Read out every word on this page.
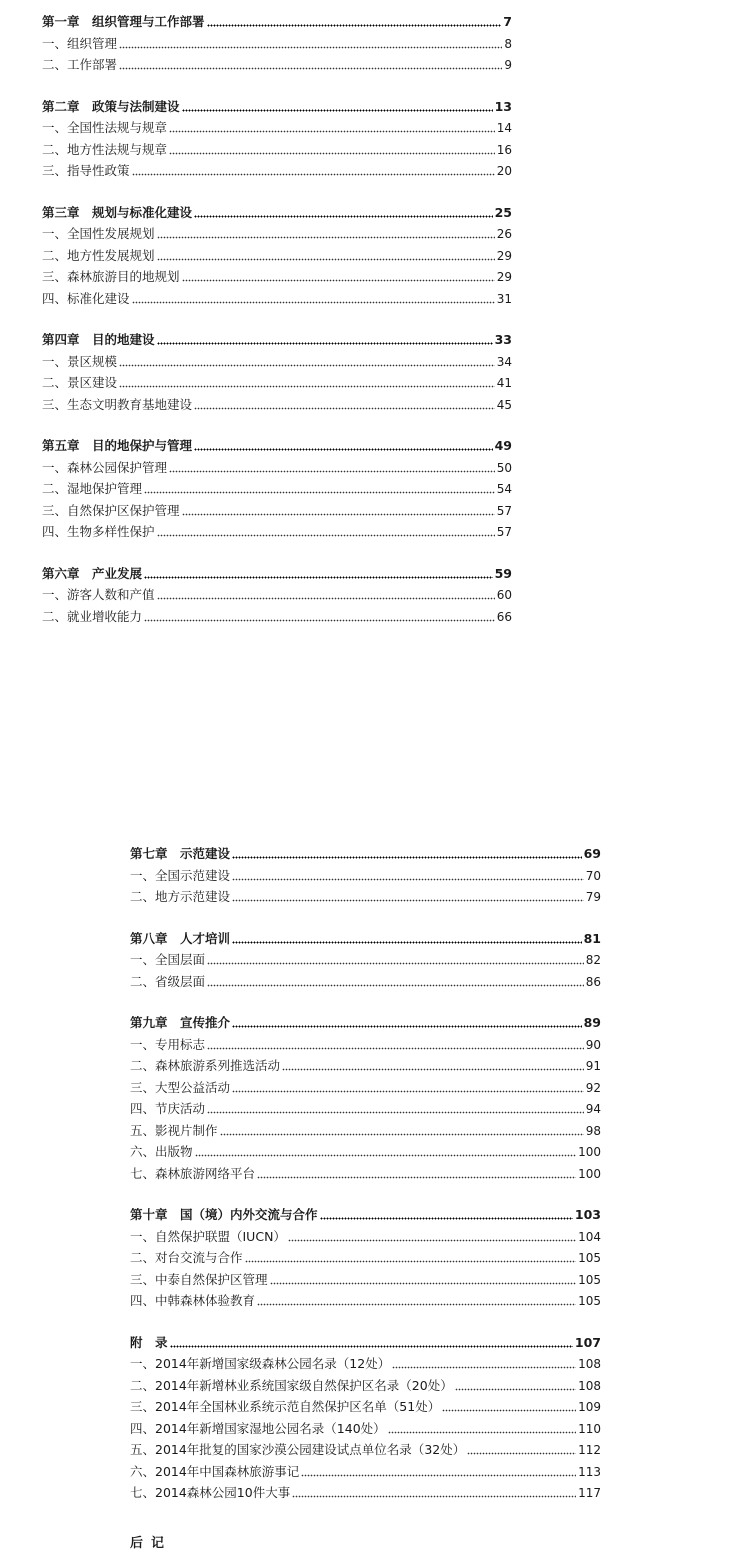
第一章　组织管理与工作部署	7
一、组织管理	8
二、工作部署	9
第二章　政策与法制建设	13
一、全国性法规与规章	14
二、地方性法规与规章	16
三、指导性政策	20
第三章　规划与标准化建设	25
一、全国性发展规划	26
二、地方性发展规划	29
三、森林旅游目的地规划	29
四、标准化建设	31
第四章　目的地建设	33
一、景区规模	34
二、景区建设	41
三、生态文明教育基地建设	45
第五章　目的地保护与管理	49
一、森林公园保护管理	50
二、湿地保护管理	54
三、自然保护区保护管理	57
四、生物多样性保护	57
第六章　产业发展	59
一、游客人数和产值	60
二、就业增收能力	66
第七章　示范建设	69
一、全国示范建设	70
二、地方示范建设	79
第八章　人才培训	81
一、全国层面	82
二、省级层面	86
第九章　宣传推介	89
一、专用标志	90
二、森林旅游系列推选活动	91
三、大型公益活动	92
四、节庆活动	94
五、影视片制作	98
六、出版物	100
七、森林旅游网络平台	100
第十章　国（境）内外交流与合作	103
一、自然保护联盟（IUCN）	104
二、对台交流与合作	105
三、中泰自然保护区管理	105
四、中韩森林体验教育	105
附　录	107
一、2014年新增国家级森林公园名录（12处）	108
二、2014年新增林业系统国家级自然保护区名录（20处）	108
三、2014年全国林业系统示范自然保护区名单（51处）	109
四、2014年新增国家湿地公园名录（140处）	110
五、2014年批复的国家沙漠公园建设试点单位名录（32处）	112
六、2014年中国森林旅游事记	113
七、2014森林公园10件大事	117
后记
